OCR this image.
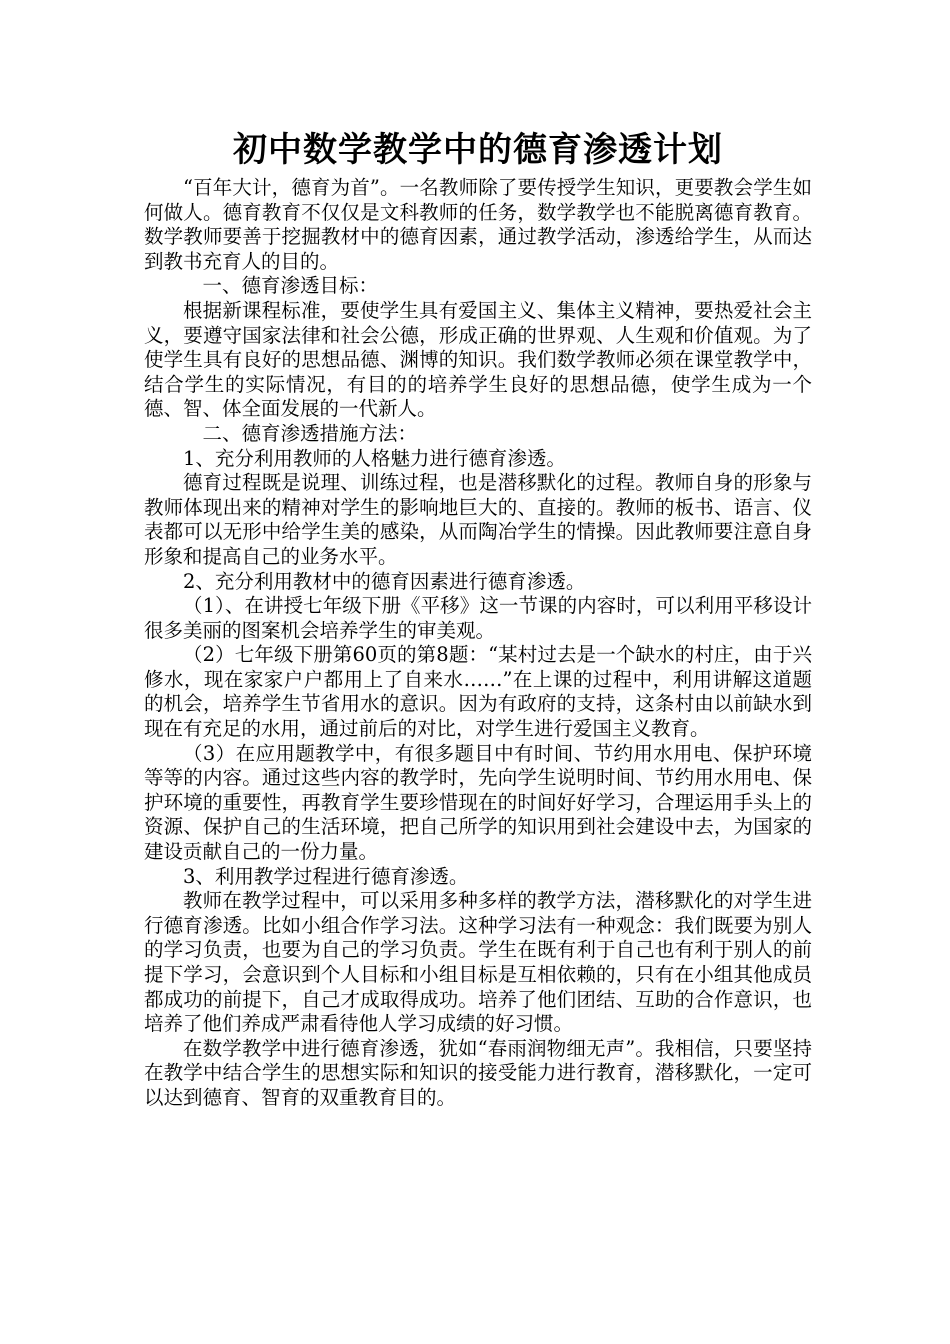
初中数学教学中的德育渗透计划

“百年大计，德育为首”。一名教师除了要传授学生知识，更要教会学生如何做人。德育教育不仅仅是文科教师的任务，数学教学也不能脱离德育教育。数学教师要善于挖掘教材中的德育因素，通过教学活动，渗透给学生，从而达到教书充育人的目的。

一、德育渗透目标：

根据新课程标准，要使学生具有爱国主义、集体主义精神，要热爱社会主义，要遵守国家法律和社会公德，形成正确的世界观、人生观和价值观。为了使学生具有良好的思想品德、渊博的知识。我们数学教师必须在课堂教学中，结合学生的实际情况，有目的的培养学生良好的思想品德，使学生成为一个德、智、体全面发展的一代新人。

二、德育渗透措施方法：

1、充分利用教师的人格魅力进行德育渗透。

德育过程既是说理、训练过程，也是潜移默化的过程。教师自身的形象与教师体现出来的精神对学生的影响地巨大的、直接的。教师的板书、语言、仪表都可以无形中给学生美的感染，从而陶冶学生的情操。因此教师要注意自身形象和提高自己的业务水平。

2、充分利用教材中的德育因素进行德育渗透。

（1）、在讲授七年级下册《平移》这一节课的内容时，可以利用平移设计很多美丽的图案机会培养学生的审美观。

（2）七年级下册第60页的第8题：“某村过去是一个缺水的村庄，由于兴修水，现在家家户户都用上了自来水……”在上课的过程中，利用讲解这道题的机会，培养学生节省用水的意识。因为有政府的支持，这条村由以前缺水到现在有充足的水用，通过前后的对比，对学生进行爱国主义教育。

（3）在应用题教学中，有很多题目中有时间、节约用水用电、保护环境等等的内容。通过这些内容的教学时，先向学生说明时间、节约用水用电、保护环境的重要性，再教育学生要珍惜现在的时间好好学习，合理运用手头上的资源、保护自己的生活环境，把自己所学的知识用到社会建设中去，为国家的建设贡献自己的一份力量。

3、利用教学过程进行德育渗透。

教师在教学过程中，可以采用多种多样的教学方法，潜移默化的对学生进行德育渗透。比如小组合作学习法。这种学习法有一种观念：我们既要为别人的学习负责，也要为自己的学习负责。学生在既有利于自己也有利于别人的前提下学习，会意识到个人目标和小组目标是互相依赖的，只有在小组其他成员都成功的前提下，自己才成取得成功。培养了他们团结、互助的合作意识，也培养了他们养成严肃看待他人学习成绩的好习惯。

在数学教学中进行德育渗透，犹如“春雨润物细无声”。我相信，只要坚持在教学中结合学生的思想实际和知识的接受能力进行教育，潜移默化，一定可以达到德育、智育的双重教育目的。
